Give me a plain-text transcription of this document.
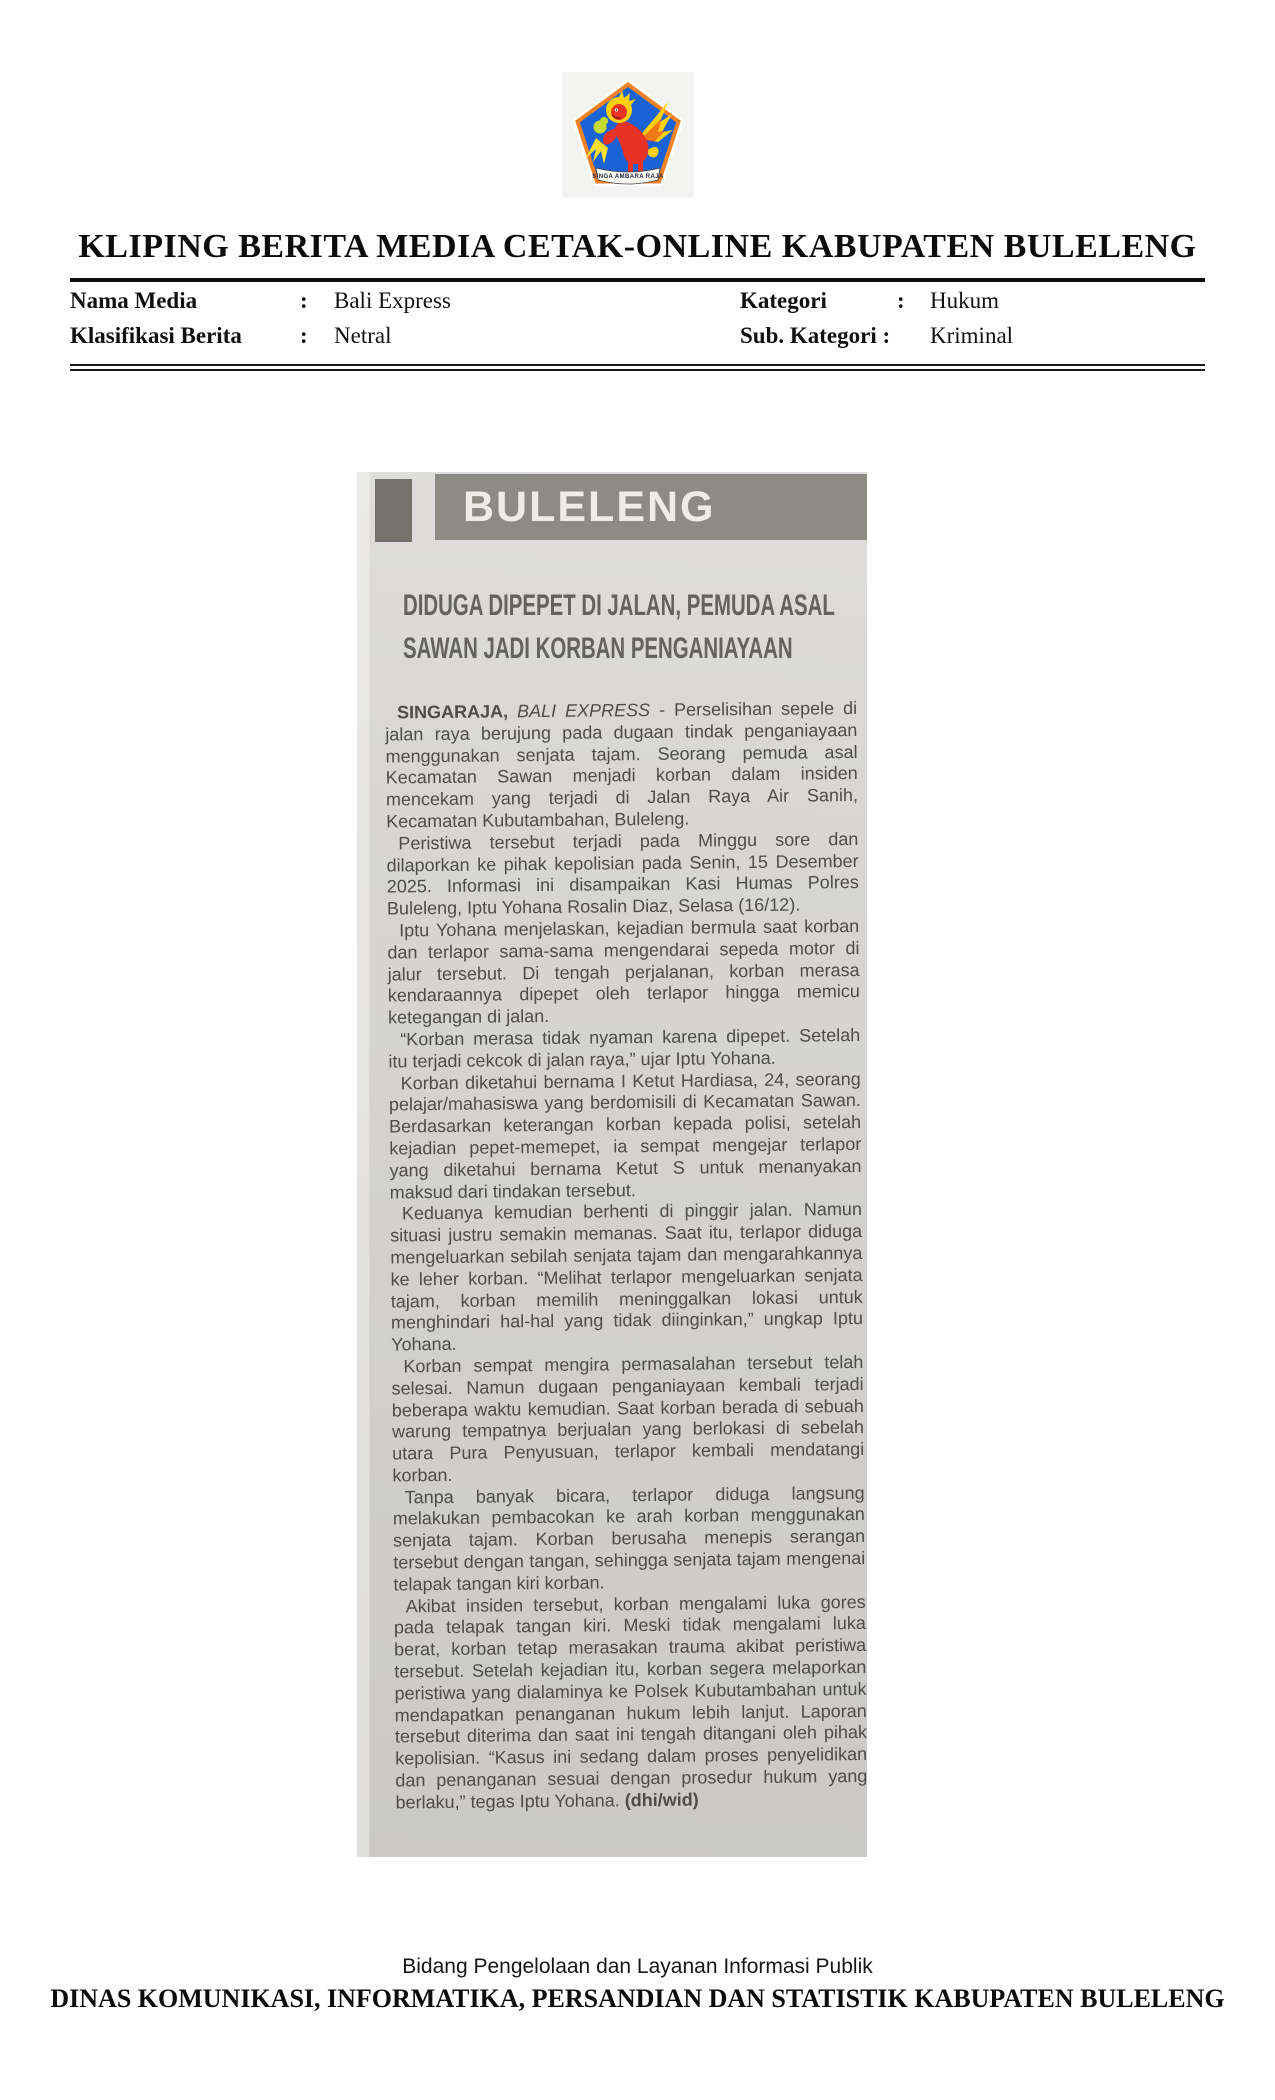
SINGA AMBARA RAJA
KLIPING BERITA MEDIA CETAK-ONLINE KABUPATEN BULELENG
Nama Media	: Bali Express	Kategori	: Hukum
Klasifikasi Berita	: Netral	Sub. Kategori : Kriminal
BULELENG
DIDUGA DIPEPET DI JALAN, PEMUDA ASAL
SAWAN JADI KORBAN PENGANIAYAAN

SINGARAJA, BALI EXPRESS - Perselisihan sepele di jalan raya berujung pada dugaan tindak penganiayaan menggunakan senjata tajam. Seorang pemuda asal Kecamatan Sawan menjadi korban dalam insiden mencekam yang terjadi di Jalan Raya Air Sanih, Kecamatan Kubutambahan, Buleleng.

Peristiwa tersebut terjadi pada Minggu sore dan dilaporkan ke pihak kepolisian pada Senin, 15 Desember 2025. Informasi ini disampaikan Kasi Humas Polres Buleleng, Iptu Yohana Rosalin Diaz, Selasa (16/12).

Iptu Yohana menjelaskan, kejadian bermula saat korban dan terlapor sama-sama mengendarai sepeda motor di jalur tersebut. Di tengah perjalanan, korban merasa kendaraannya dipepet oleh terlapor hingga memicu ketegangan di jalan.

“Korban merasa tidak nyaman karena dipepet. Setelah itu terjadi cekcok di jalan raya,” ujar Iptu Yohana.

Korban diketahui bernama I Ketut Hardiasa, 24, seorang pelajar/mahasiswa yang berdomisili di Kecamatan Sawan. Berdasarkan keterangan korban kepada polisi, setelah kejadian pepet-memepet, ia sempat mengejar terlapor yang diketahui bernama Ketut S untuk menanyakan maksud dari tindakan tersebut.

Keduanya kemudian berhenti di pinggir jalan. Namun situasi justru semakin memanas. Saat itu, terlapor diduga mengeluarkan sebilah senjata tajam dan mengarahkannya ke leher korban. “Melihat terlapor mengeluarkan senjata tajam, korban memilih meninggalkan lokasi untuk menghindari hal-hal yang tidak diinginkan,” ungkap Iptu Yohana.

Korban sempat mengira permasalahan tersebut telah selesai. Namun dugaan penganiayaan kembali terjadi beberapa waktu kemudian. Saat korban berada di sebuah warung tempatnya berjualan yang berlokasi di sebelah utara Pura Penyusuan, terlapor kembali mendatangi korban.

Tanpa banyak bicara, terlapor diduga langsung melakukan pembacokan ke arah korban menggunakan senjata tajam. Korban berusaha menepis serangan tersebut dengan tangan, sehingga senjata tajam mengenai telapak tangan kiri korban.

Akibat insiden tersebut, korban mengalami luka gores pada telapak tangan kiri. Meski tidak mengalami luka berat, korban tetap merasakan trauma akibat peristiwa tersebut. Setelah kejadian itu, korban segera melaporkan peristiwa yang dialaminya ke Polsek Kubutambahan untuk mendapatkan penanganan hukum lebih lanjut. Laporan tersebut diterima dan saat ini tengah ditangani oleh pihak kepolisian. “Kasus ini sedang dalam proses penyelidikan dan penanganan sesuai dengan prosedur hukum yang berlaku,” tegas Iptu Yohana. (dhi/wid)

Bidang Pengelolaan dan Layanan Informasi Publik
DINAS KOMUNIKASI, INFORMATIKA, PERSANDIAN DAN STATISTIK KABUPATEN BULELENG
